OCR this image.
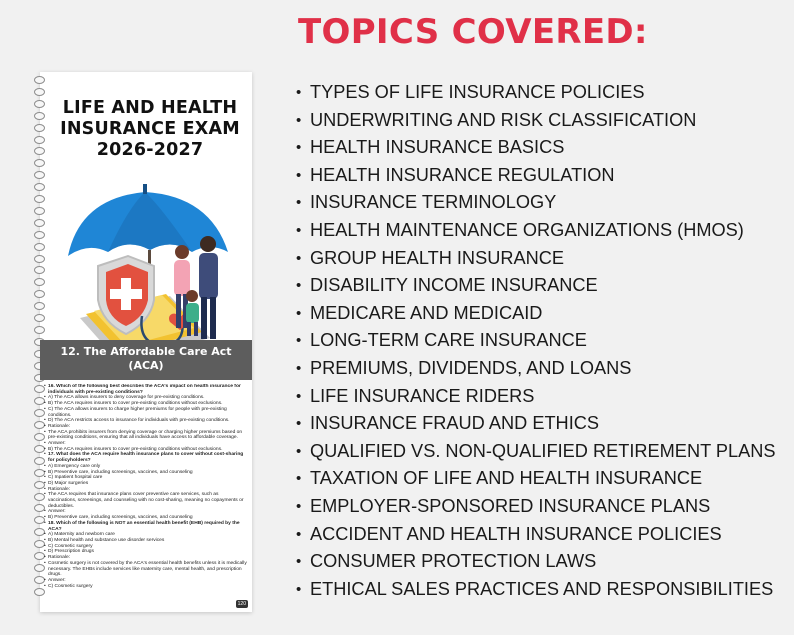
LIFE AND HEALTH
INSURANCE EXAM
2026-2027
12. The Affordable Care Act
(ACA)
• 16. Which of the following best describes the ACA's impact on health insurance for individuals with pre-existing conditions?
• A) The ACA allows insurers to deny coverage for pre-existing conditions.
• B) The ACA requires insurers to cover pre-existing conditions without exclusions.
• C) The ACA allows insurers to charge higher premiums for people with pre-existing conditions.
• D) The ACA restricts access to insurance for individuals with pre-existing conditions.
• Rationale:
• The ACA prohibits insurers from denying coverage or charging higher premiums based on pre-existing conditions, ensuring that all individuals have access to affordable coverage.
• Answer:
• B) The ACA requires insurers to cover pre-existing conditions without exclusions.
• 17. What does the ACA require health insurance plans to cover without cost-sharing for policyholders?
• A) Emergency care only
• B) Preventive care, including screenings, vaccines, and counseling
• C) Inpatient hospital care
• D) Major surgeries
• Rationale:
• The ACA requires that insurance plans cover preventive care services, such as vaccinations, screenings, and counseling with no cost-sharing, meaning no copayments or deductibles.
• Answer:
• B) Preventive care, including screenings, vaccines, and counseling
• 18. Which of the following is NOT an essential health benefit (EHB) required by the ACA?
• A) Maternity and newborn care
• B) Mental health and substance use disorder services
• C) Cosmetic surgery
• D) Prescription drugs
• Rationale:
• Cosmetic surgery is not covered by the ACA's essential health benefits unless it is medically necessary. The EHBs include services like maternity care, mental health, and prescription drugs.
• Answer:
• C) Cosmetic surgery
120
TOPICS COVERED:
• TYPES OF LIFE INSURANCE POLICIES
• UNDERWRITING AND RISK CLASSIFICATION
• HEALTH INSURANCE BASICS
• HEALTH INSURANCE REGULATION
• INSURANCE TERMINOLOGY
• HEALTH MAINTENANCE ORGANIZATIONS (HMOS)
• GROUP HEALTH INSURANCE
• DISABILITY INCOME INSURANCE
• MEDICARE AND MEDICAID
• LONG-TERM CARE INSURANCE
• PREMIUMS, DIVIDENDS, AND LOANS
• LIFE INSURANCE RIDERS
• INSURANCE FRAUD AND ETHICS
• QUALIFIED VS. NON-QUALIFIED RETIREMENT PLANS
• TAXATION OF LIFE AND HEALTH INSURANCE
• EMPLOYER-SPONSORED INSURANCE PLANS
• ACCIDENT AND HEALTH INSURANCE POLICIES
• CONSUMER PROTECTION LAWS
• ETHICAL SALES PRACTICES AND RESPONSIBILITIES
